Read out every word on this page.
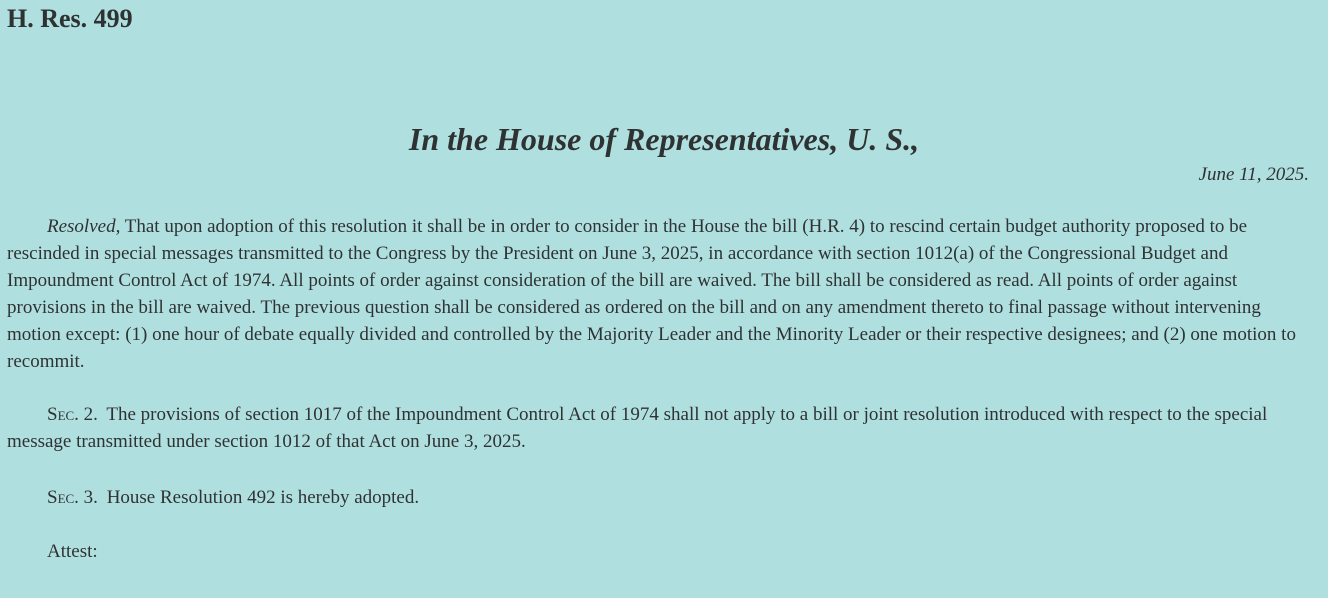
H. Res. 499
In the House of Representatives, U. S.,
June 11, 2025.

Resolved, That upon adoption of this resolution it shall be in order to consider in the House the bill (H.R. 4) to rescind certain budget authority proposed to be rescinded in special messages transmitted to the Congress by the President on June 3, 2025, in accordance with section 1012(a) of the Congressional Budget and Impoundment Control Act of 1974. All points of order against consideration of the bill are waived. The bill shall be considered as read. All points of order against provisions in the bill are waived. The previous question shall be considered as ordered on the bill and on any amendment thereto to final passage without intervening motion except: (1) one hour of debate equally divided and controlled by the Majority Leader and the Minority Leader or their respective designees; and (2) one motion to recommit.

Sec. 2. The provisions of section 1017 of the Impoundment Control Act of 1974 shall not apply to a bill or joint resolution introduced with respect to the special message transmitted under section 1012 of that Act on June 3, 2025.

Sec. 3. House Resolution 492 is hereby adopted.

Attest:
